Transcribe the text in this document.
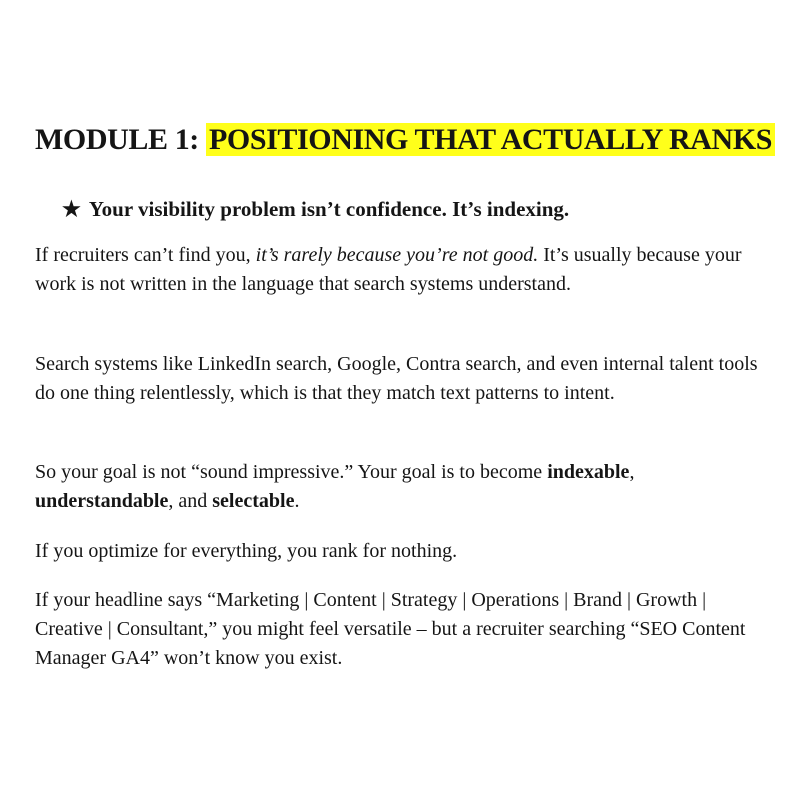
MODULE 1: POSITIONING THAT ACTUALLY RANKS
★ Your visibility problem isn’t confidence. It’s indexing.

If recruiters can’t find you, it’s rarely because you’re not good. It’s usually because your work is not written in the language that search systems understand.

Search systems like LinkedIn search, Google, Contra search, and even internal talent tools do one thing relentlessly, which is that they match text patterns to intent.

So your goal is not “sound impressive.” Your goal is to become indexable, understandable, and selectable.

If you optimize for everything, you rank for nothing.

If your headline says “Marketing | Content | Strategy | Operations | Brand | Growth | Creative | Consultant,” you might feel versatile – but a recruiter searching “SEO Content Manager GA4” won’t know you exist.
